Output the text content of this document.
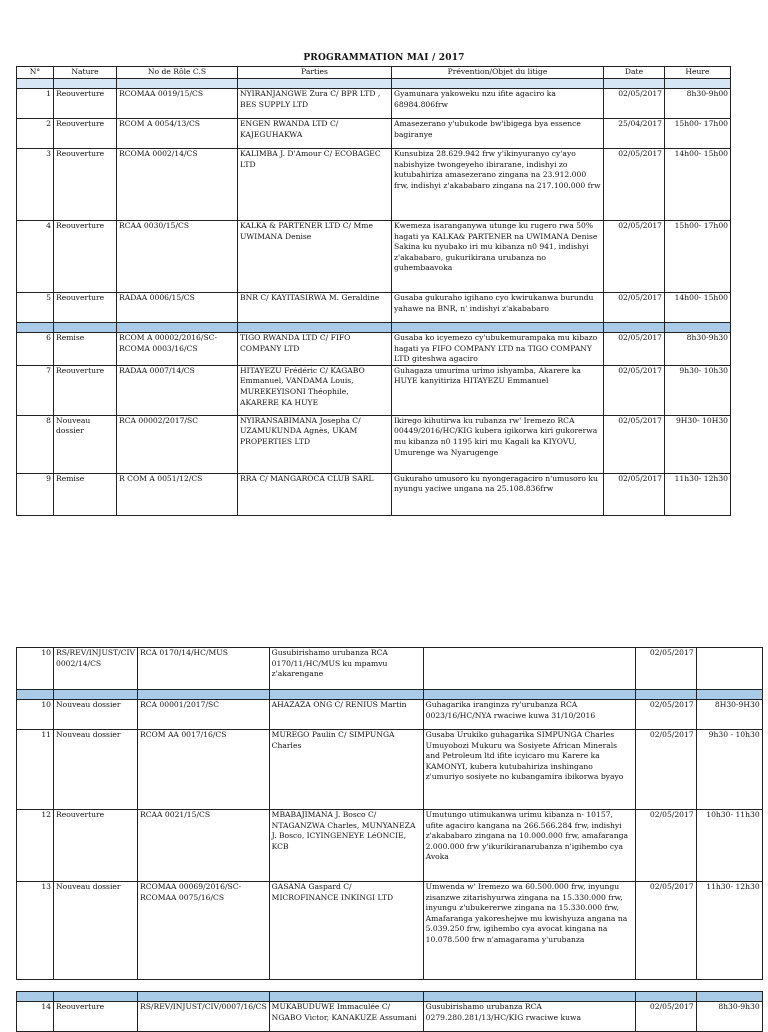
PROGRAMMATION MAI / 2017
N°	Nature	No de Rôle C.S	Parties	Prévention/Objet du litige	Date	Heure

1	Reouverture	RCOMAA 0019/15/CS	NYIRANJANGWE Zura C/ BPR LTD , BES SUPPLY LTD	Gyamunara yakoweku nzu ifite agaciro ka 68984.806frw	02/05/2017	8h30-9h00
2	Reouverture	RCOM A 0054/13/CS	ENGEN RWANDA LTD C/ KAJEGUHAKWA	Amasezerano y'ubukode bw'ibigega bya essence bagiranye	25/04/2017	15h00- 17h00
3	Reouverture	RCOMA 0002/14/CS	KALIMBA J. D'Amour C/ ECOBAGEC LTD	Kunsubiza 28.629.942 frw y'ikinyuranyo cy'ayo nabishyize twongeyeho ibirarane, indishyi zo kutubahiriza amasezerano zingana na 23.912.000 frw, indishyi z'akababaro zingana na 217.100.000 frw	02/05/2017	14h00- 15h00
4	Reouverture	RCAA 0030/15/CS	KALKA & PARTENER LTD C/ Mme UWIMANA Denise	Kwemeza isaranganywa utunge ku rugero rwa 50% hagati ya KALKA& PARTENER na UWIMANA Denise Sakina ku nyubako iri mu kibanza n0 941, indishyi z'akababaro, gukurikirana urubanza no guhembaavoka	02/05/2017	15h00- 17h00
5	Reouverture	RADAA 0006/15/CS	BNR C/ KAYITASIRWA M. Geraldine	Gusaba gukuraho igihano cyo kwirukanwa burundu yahawe na BNR, n' indishyi z'akababaro	02/05/2017	14h00- 15h00

6	Remise	RCOM A 00002/2016/SC- RCOMA 0003/16/CS	TIGO RWANDA LTD C/ FIFO COMPANY LTD	Gusaba ko icyemezo cy'ubukemurampaka mu kibazo hagati ya FIFO COMPANY LTD na TIGO COMPANY LTD giteshwa agaciro	02/05/2017	8h30-9h30
7	Reouverture	RADAA 0007/14/CS	HITAYEZU Frédéric C/ KAGABO Emmanuel, VANDAMA Louis, MUREKEYISONI Théophile, AKARERE KA HUYE	Guhagaza umurima urimo ishyamba, Akarere ka HUYE kanyitiriza HITAYEZU Emmanuel	02/05/2017	9h30- 10h30
8	Nouveau dossier	RCA 00002/2017/SC	NYIRANSABIMANA Josepha C/ UZAMUKUNDA Agnès, UKAM PROPERTIES LTD	Ikirego kihutirwa ku rubanza rw' Iremezo RCA 00449/2016/HC/KIG kubera igikorwa kiri gukorerwa mu kibanza n0 1195 kiri mu Kagali ka KIYOVU, Umurenge wa Nyarugenge	02/05/2017	9H30- 10H30
9	Remise	R COM A 0051/12/CS	RRA C/ MANGAROCA CLUB SARL	Gukuraho umusoro ku nyongeragaciro n'umusoro ku nyungu yaciwe ungana na 25.108.836frw	02/05/2017	11h30- 12h30
10	RS/REV/INJUST/CIV 0002/14/CS	RCA 0170/14/HC/MUS	Gusubirishamo urubanza RCA 0170/11/HC/MUS ku mpamvu z'akarengane		02/05/2017	

10	Nouveau dossier	RCA 00001/2017/SC	AHAZAZA ONG C/ RENIUS Martin	Guhagarika iranginza ry'urubanza RCA 0023/16/HC/NYA rwaciwe kuwa 31/10/2016	02/05/2017	8H30-9H30
11	Nouveau dossier	RCOM AA 0017/16/CS	MUREGO Paulin C/ SIMPUNGA Charles	Gusaba Urukiko guhagarika SIMPUNGA Charles Umuyobozi Mukuru wa Sosiyete African Minerals and Petroleum ltd ifite icyicaro mu Karere ka KAMONYI, kubera kutubahiriza inshingano z'umuriyo sosiyete no kubangamira ibikorwa byayo	02/05/2017	9h30 - 10h30
12	Reouverture	RCAA 0021/15/CS	MBABAJIMANA J. Bosco C/ NTAGANZWA Charles, MUNYANEZA J. Bosco, ICYINGENEYE LéONCIE, KCB	Umutungo utimukanwa urimu kibanza n- 10157, ufite agaciro kangana na 266.566.284 frw, indishyi z'akababaro zingana na 10.000.000 frw, amafaranga 2.000.000 frw y'ikurikiranarubanza n'igihembo cya Avoka	02/05/2017	10h30- 11h30
13	Nouveau dossier	RCOMAA 00069/2016/SC- RCOMAA 0075/16/CS	GASANA Gaspard C/ MICROFINANCE INKINGI LTD	Umwenda w' Iremezo wa 60.500.000 frw, inyungu zisanzwe zitarishyurwa zingana na 15.330.000 frw, inyungu z'ubukererwe zingana na 15.330.000 frw, Amafaranga yakoreshejwe mu kwishyuza angana na 5.039.250 frw, igihembo cya avocat kingana na 10.078.500 frw n'amagarama y'urubanza	02/05/2017	11h30- 12h30

14	Reouverture	RS/REV/INJUST/CIV/0007/16/CS	MUKABUDUWE Immaculée C/ NGABO Victor, KANAKUZE Assumani	Gusubirishamo urubanza RCA 0279.280.281/13/HC/KIG rwaciwe kuwa	02/05/2017	8h30-9h30
